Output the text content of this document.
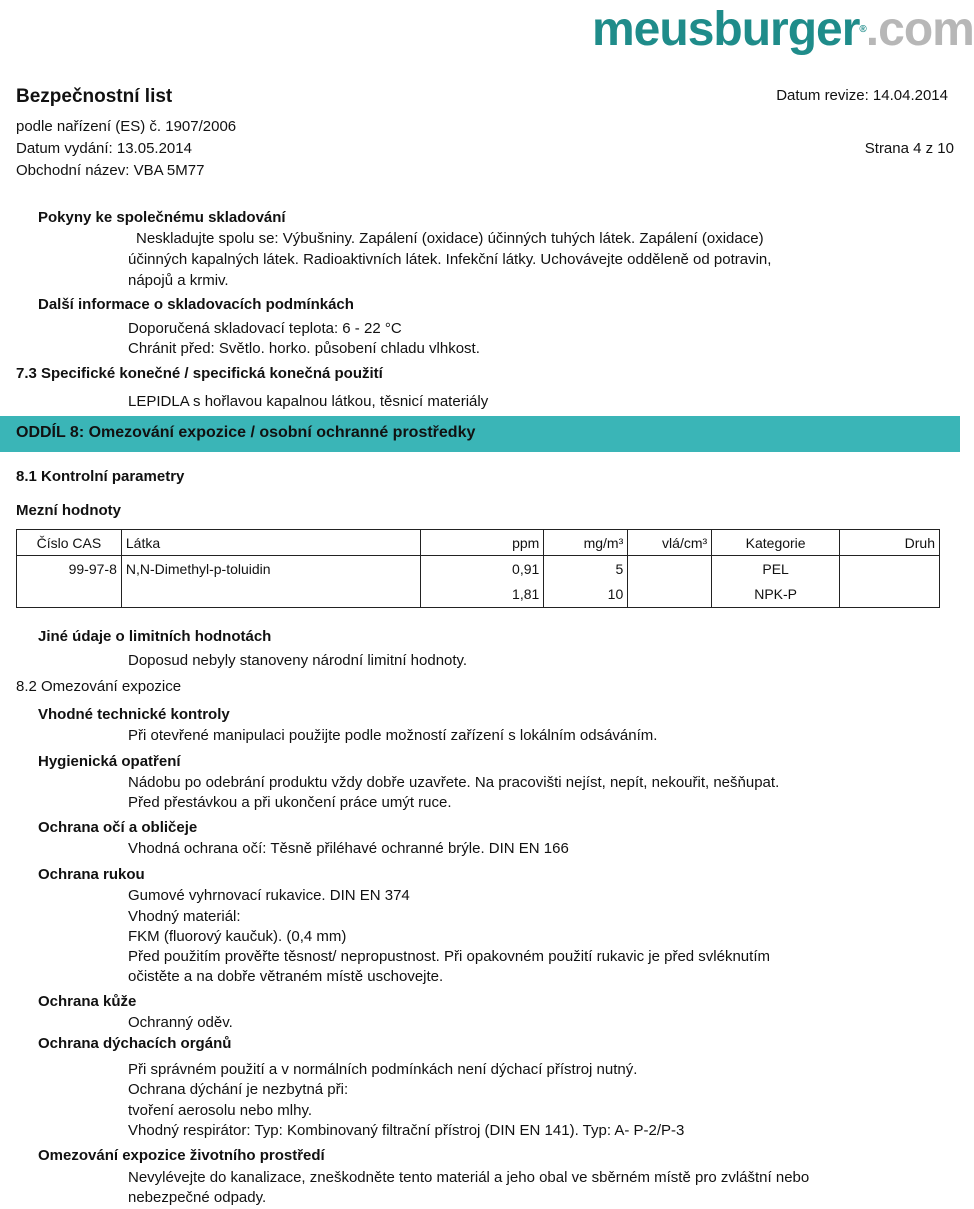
meusburger®.com
Bezpečnostní list
podle nařízení (ES) č. 1907/2006
Datum vydání: 13.05.2014
Obchodní název: VBA 5M77
Datum revize: 14.04.2014
Strana 4 z 10
Pokyny ke společnému skladování
Neskladujte spolu se: Výbušniny. Zapálení (oxidace) účinných tuhých látek. Zapálení (oxidace)
účinných kapalných látek. Radioaktivních látek. Infekční látky. Uchovávejte odděleně od potravin,
nápojů a krmiv.
Další informace o skladovacích podmínkách
Doporučená skladovací teplota: 6 - 22 °C
Chránit před: Světlo. horko. působení chladu vlhkost.
7.3 Specifické konečné / specifická konečná použití
LEPIDLA s hořlavou kapalnou látkou, těsnicí materiály
ODDÍL 8: Omezování expozice / osobní ochranné prostředky
8.1 Kontrolní parametry
Mezní hodnoty
Číslo CAS	Látka	ppm	mg/m³	vlá/cm³	Kategorie	Druh
99-97-8	N,N-Dimethyl-p-toluidin	0,91	5		PEL	
		1,81	10		NPK-P	
Jiné údaje o limitních hodnotách
Doposud nebyly stanoveny národní limitní hodnoty.
8.2 Omezování expozice
Vhodné technické kontroly
Při otevřené manipulaci použijte podle možností zařízení s lokálním odsáváním.
Hygienická opatření
Nádobu po odebrání produktu vždy dobře uzavřete. Na pracovišti nejíst, nepít, nekouřit, nešňupat.
Před přestávkou a při ukončení práce umýt ruce.
Ochrana očí a obličeje
Vhodná ochrana očí: Těsně přiléhavé ochranné brýle. DIN EN 166
Ochrana rukou
Gumové vyhrnovací rukavice. DIN EN 374
Vhodný materiál:
FKM (fluorový kaučuk). (0,4 mm)
Před použitím prověřte těsnost/ nepropustnost. Při opakovném použití rukavic je před svléknutím
očistěte a na dobře větraném místě uschovejte.
Ochrana kůže
Ochranný oděv.
Ochrana dýchacích orgánů
Při správném použití a v normálních podmínkách není dýchací přístroj nutný.
Ochrana dýchání je nezbytná při:
tvoření aerosolu nebo mlhy.
Vhodný respirátor: Typ: Kombinovaný filtrační přístroj (DIN EN 141). Typ: A- P-2/P-3
Omezování expozice životního prostředí
Nevylévejte do kanalizace, zneškodněte tento materiál a jeho obal ve sběrném místě pro zvláštní nebo
nebezpečné odpady.
